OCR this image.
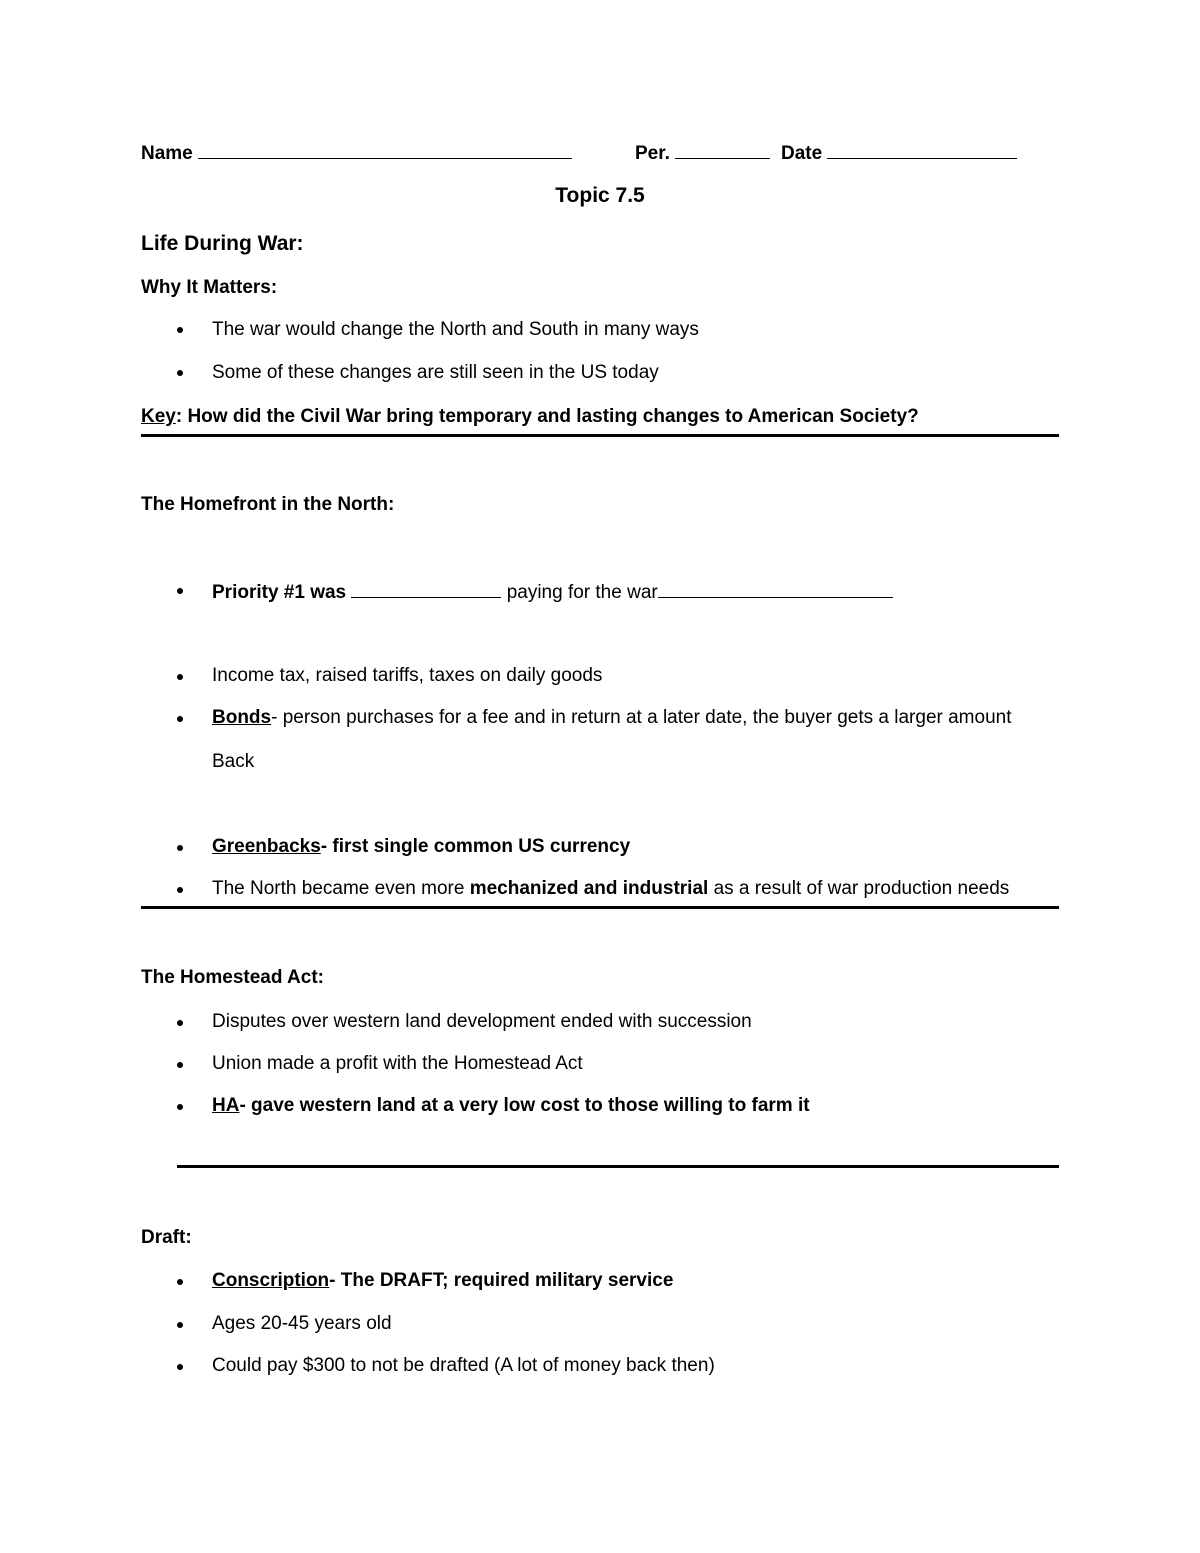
Name	Per.	Date
Topic 7.5
Life During War:
Why It Matters:
The war would change the North and South in many ways
Some of these changes are still seen in the US today
Key: How did the Civil War bring temporary and lasting changes to American Society?
The Homefront in the North:
Priority #1 was	paying for the war
Income tax, raised tariffs, taxes on daily goods
Bonds- person purchases for a fee and in return at a later date, the buyer gets a larger amount
Back
Greenbacks- first single common US currency
The North became even more mechanized and industrial as a result of war production needs
The Homestead Act:
Disputes over western land development ended with succession
Union made a profit with the Homestead Act
HA- gave western land at a very low cost to those willing to farm it
Draft:
Conscription- The DRAFT; required military service
Ages 20-45 years old
Could pay $300 to not be drafted (A lot of money back then)
